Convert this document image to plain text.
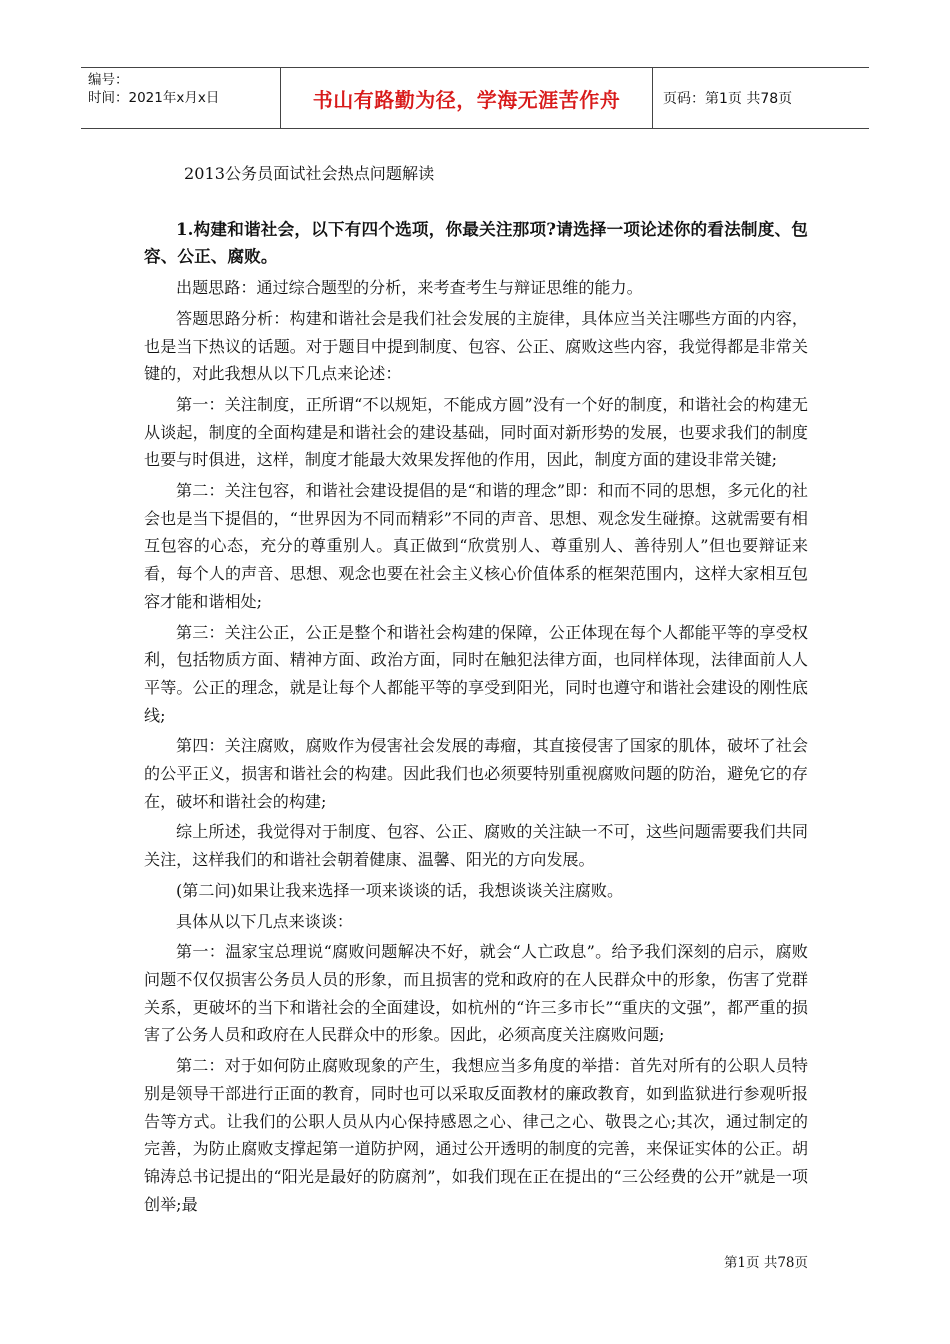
编号：
时间：2021年x月x日	书山有路勤为径，学海无涯苦作舟	页码：第1页 共78页
2013公务员面试社会热点问题解读

1.构建和谐社会，以下有四个选项，你最关注那项?请选择一项论述你的看法制度、包容、公正、腐败。

出题思路：通过综合题型的分析，来考查考生与辩证思维的能力。

答题思路分析：构建和谐社会是我们社会发展的主旋律，具体应当关注哪些方面的内容，也是当下热议的话题。对于题目中提到制度、包容、公正、腐败这些内容，我觉得都是非常关键的，对此我想从以下几点来论述：

第一：关注制度，正所谓“不以规矩，不能成方圆”没有一个好的制度，和谐社会的构建无从谈起，制度的全面构建是和谐社会的建设基础，同时面对新形势的发展，也要求我们的制度也要与时俱进，这样，制度才能最大效果发挥他的作用，因此，制度方面的建设非常关键;

第二：关注包容，和谐社会建设提倡的是“和谐的理念”即：和而不同的思想，多元化的社会也是当下提倡的，“世界因为不同而精彩”不同的声音、思想、观念发生碰撩。这就需要有相互包容的心态，充分的尊重别人。真正做到“欣赏别人、尊重别人、善待别人”但也要辩证来看，每个人的声音、思想、观念也要在社会主义核心价值体系的框架范围内，这样大家相互包容才能和谐相处;

第三：关注公正，公正是整个和谐社会构建的保障，公正体现在每个人都能平等的享受权利，包括物质方面、精神方面、政治方面，同时在触犯法律方面，也同样体现，法律面前人人平等。公正的理念，就是让每个人都能平等的享受到阳光，同时也遵守和谐社会建设的刚性底线;

第四：关注腐败，腐败作为侵害社会发展的毒瘤，其直接侵害了国家的肌体，破坏了社会的公平正义，损害和谐社会的构建。因此我们也必须要特别重视腐败问题的防治，避免它的存在，破坏和谐社会的构建;

综上所述，我觉得对于制度、包容、公正、腐败的关注缺一不可，这些问题需要我们共同关注，这样我们的和谐社会朝着健康、温馨、阳光的方向发展。

(第二问)如果让我来选择一项来谈谈的话，我想谈谈关注腐败。

具体从以下几点来谈谈：

第一：温家宝总理说“腐败问题解决不好，就会“人亡政息”。给予我们深刻的启示，腐败问题不仅仅损害公务员人员的形象，而且损害的党和政府的在人民群众中的形象，伤害了党群关系，更破坏的当下和谐社会的全面建设，如杭州的“许三多市长”“重庆的文强”，都严重的损害了公务人员和政府在人民群众中的形象。因此，必须高度关注腐败问题;

第二：对于如何防止腐败现象的产生，我想应当多角度的举措：首先对所有的公职人员特别是领导干部进行正面的教育，同时也可以采取反面教材的廉政教育，如到监狱进行参观听报告等方式。让我们的公职人员从内心保持感恩之心、律己之心、敬畏之心;其次，通过制定的完善，为防止腐败支撑起第一道防护网，通过公开透明的制度的完善，来保证实体的公正。胡锦涛总书记提出的“阳光是最好的防腐剂”，如我们现在正在提出的“三公经费的公开”就是一项创举;最

第1页 共78页
